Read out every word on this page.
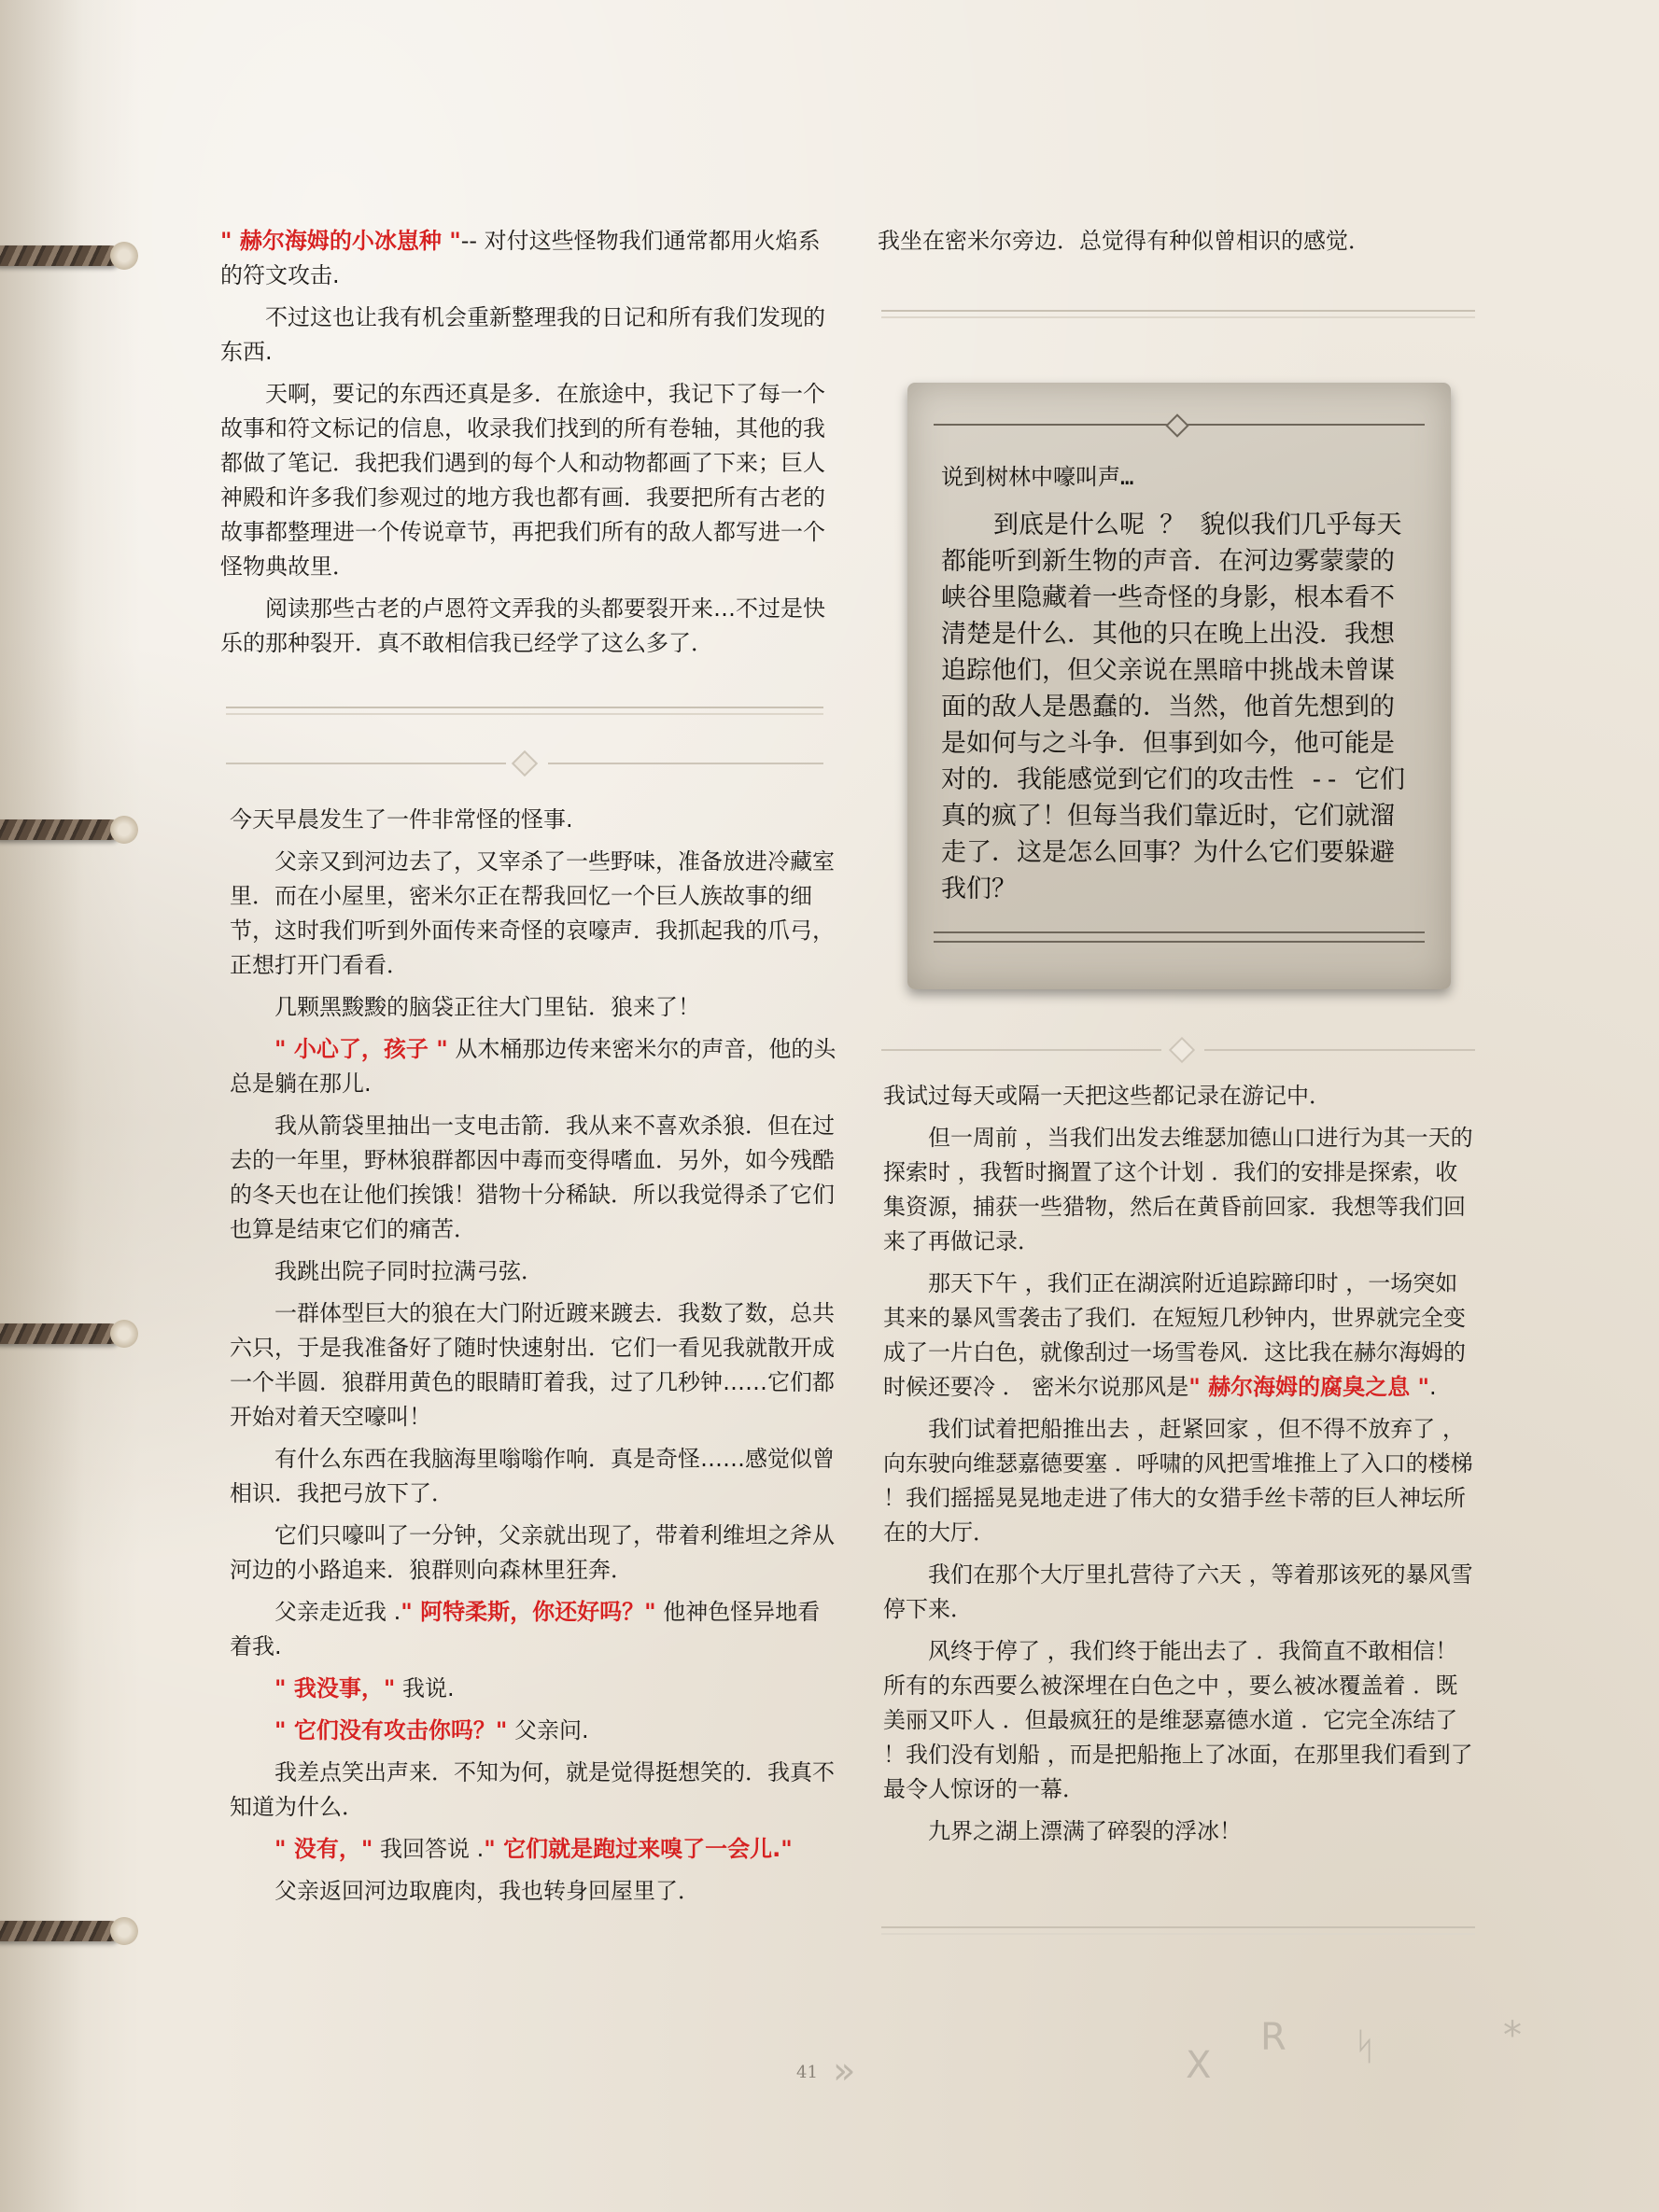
" 赫尔海姆的小冰崽种 "-- 对付这些怪物我们通常都用火焰系的符文攻击.

不过这也让我有机会重新整理我的日记和所有我们发现的东西.

天啊，要记的东西还真是多．在旅途中，我记下了每一个故事和符文标记的信息，收录我们找到的所有卷轴，其他的我都做了笔记．我把我们遇到的每个人和动物都画了下来；巨人神殿和许多我们参观过的地方我也都有画．我要把所有古老的故事都整理进一个传说章节，再把我们所有的敌人都写进一个怪物典故里．

阅读那些古老的卢恩符文弄我的头都要裂开来…不过是快乐的那种裂开．真不敢相信我已经学了这么多了．

今天早晨发生了一件非常怪的怪事.

父亲又到河边去了，又宰杀了一些野味，准备放进冷藏室里．而在小屋里，密米尔正在帮我回忆一个巨人族故事的细节，这时我们听到外面传来奇怪的哀嚎声．我抓起我的爪弓，正想打开门看看．

几颗黑黢黢的脑袋正往大门里钻．狼来了！

" 小心了，孩子 " 从木桶那边传来密米尔的声音，他的头总是躺在那儿.

我从箭袋里抽出一支电击箭．我从来不喜欢杀狼．但在过去的一年里，野林狼群都因中毒而变得嗜血．另外，如今残酷的冬天也在让他们挨饿！猎物十分稀缺．所以我觉得杀了它们也算是结束它们的痛苦．

我跳出院子同时拉满弓弦．

一群体型巨大的狼在大门附近踱来踱去．我数了数，总共六只，于是我准备好了随时快速射出．它们一看见我就散开成一个半圆．狼群用黄色的眼睛盯着我，过了几秒钟……它们都开始对着天空嚎叫！

有什么东西在我脑海里嗡嗡作响．真是奇怪……感觉似曾相识．我把弓放下了．

它们只嚎叫了一分钟，父亲就出现了，带着利维坦之斧从河边的小路追来．狼群则向森林里狂奔．

父亲走近我 ." 阿特柔斯，你还好吗？" 他神色怪异地看着我.

" 我没事，" 我说.

" 它们没有攻击你吗？" 父亲问.

我差点笑出声来．不知为何，就是觉得挺想笑的．我真不知道为什么．

" 没有，" 我回答说 ." 它们就是跑过来嗅了一会儿."

父亲返回河边取鹿肉，我也转身回屋里了．

我坐在密米尔旁边．总觉得有种似曾相识的感觉．

说到树林中嚎叫声…
到底是什么呢 ？ 貌似我们几乎每天都能听到新生物的声音．在河边雾蒙蒙的峡谷里隐藏着一些奇怪的身影，根本看不清楚是什么．其他的只在晚上出没．我想追踪他们，但父亲说在黑暗中挑战未曾谋面的敌人是愚蠢的．当然，他首先想到的是如何与之斗争．但事到如今，他可能是对的．我能感觉到它们的攻击性 -- 它们真的疯了！但每当我们靠近时，它们就溜走了．这是怎么回事？为什么它们要躲避我们？

我试过每天或隔一天把这些都记录在游记中．

但一周前 ，当我们出发去维瑟加德山口进行为其一天的探索时 ，我暂时搁置了这个计划 ．我们的安排是探索，收集资源，捕获一些猎物，然后在黄昏前回家．我想等我们回来了再做记录．

那天下午 ，我们正在湖滨附近追踪蹄印时 ，一场突如其来的暴风雪袭击了我们．在短短几秒钟内，世界就完全变成了一片白色，就像刮过一场雪卷风．这比我在赫尔海姆的时候还要冷 ． 密米尔说那风是" 赫尔海姆的腐臭之息 ".

我们试着把船推出去 ，赶紧回家 ，但不得不放弃了 ，向东驶向维瑟嘉德要塞 ．呼啸的风把雪堆推上了入口的楼梯 ！我们摇摇晃晃地走进了伟大的女猎手丝卡蒂的巨人神坛所在的大厅．

我们在那个大厅里扎营待了六天 ，等着那该死的暴风雪停下来．

风终于停了 ，我们终于能出去了 ．我简直不敢相信！所有的东西要么被深埋在白色之中 ，要么被冰覆盖着 ．既美丽又吓人 ．但最疯狂的是维瑟嘉德水道 ．它完全冻结了 ！我们没有划船 ，而是把船拖上了冰面，在那里我们看到了最令人惊讶的一幕．

九界之湖上漂满了碎裂的浮冰！

41 »	X
R ᛋ	*
